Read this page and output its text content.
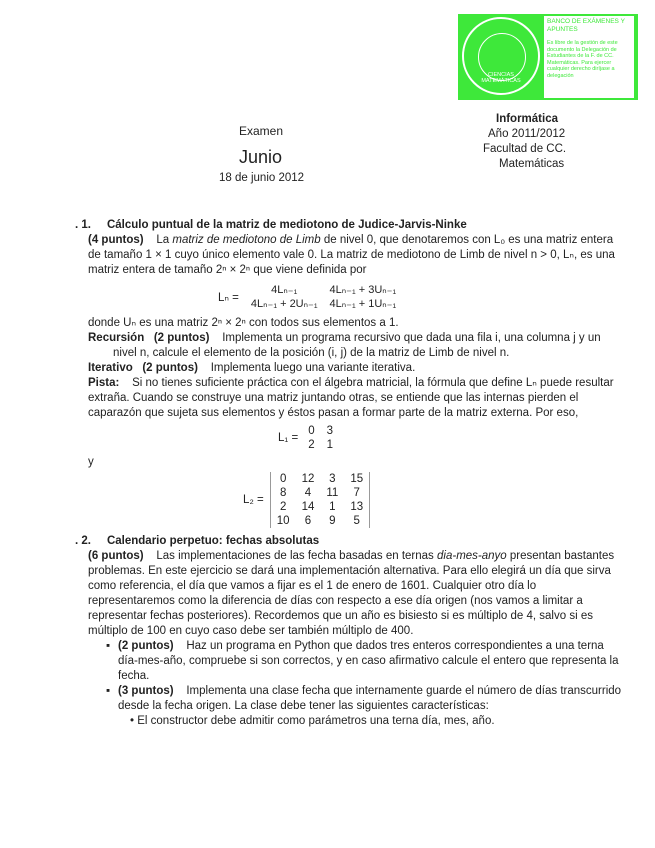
CIENCIAS
MATEMÁTICAS
BANCO DE EXÁMENES Y APUNTES
Es libre de la gestión de este documento la Delegación de Estudiantes de la F. de CC. Matemáticas. Para ejercer cualquier derecho diríjase a delegación
Informática
Año 2011/2012
Facultad de CC.
Matemáticas
Examen
Junio
18 de junio 2012
. 1. Cálculo puntual de la matriz de mediotono de Judice-Jarvis-Ninke
(4 puntos) La matriz de mediotono de Limb de nivel 0, que denotaremos con L₀ es una matriz entera de tamaño 1 × 1 cuyo único elemento vale 0. La matriz de mediotono de Limb de nivel n > 0, Lₙ, es una matriz entera de tamaño 2ⁿ × 2ⁿ que viene definida por
Lₙ =
4Lₙ₋₁	4Lₙ₋₁ + 3Uₙ₋₁
4Lₙ₋₁ + 2Uₙ₋₁	4Lₙ₋₁ + 1Uₙ₋₁
donde Uₙ es una matriz 2ⁿ × 2ⁿ con todos sus elementos a 1.
Recursión (2 puntos) Implementa un programa recursivo que dada una fila i, una columna j y un nivel n, calcule el elemento de la posición (i, j) de la matriz de Limb de nivel n.
Iterativo (2 puntos) Implementa luego una variante iterativa.
Pista: Si no tienes suficiente práctica con el álgebra matricial, la fórmula que define Lₙ puede resultar extraña. Cuando se construye una matriz juntando otras, se entiende que las internas pierden el caparazón que sujeta sus elementos y éstos pasan a formar parte de la matriz externa. Por eso,
L₁ =
0	3
2	1
y
L₂ =
0	12	3	15
8	4	11	7
2	14	1	13
10	6	9	5
. 2. Calendario perpetuo: fechas absolutas
(6 puntos) Las implementaciones de las fecha basadas en ternas dia-mes-anyo presentan bastantes problemas. En este ejercicio se dará una implementación alternativa. Para ello elegirá un día que sirva como referencia, el día que vamos a fijar es el 1 de enero de 1601. Cualquier otro día lo representaremos como la diferencia de días con respecto a ese día origen (nos vamos a limitar a representar fechas posteriores). Recordemos que un año es bisiesto si es múltiplo de 4, salvo si es múltiplo de 100 en cuyo caso debe ser también múltiplo de 400.
▪ (2 puntos) Haz un programa en Python que dados tres enteros correspondientes a una terna día-mes-año, compruebe si son correctos, y en caso afirmativo calcule el entero que representa la fecha.
▪ (3 puntos) Implementa una clase fecha que internamente guarde el número de días transcurrido desde la fecha origen. La clase debe tener las siguientes características:
• El constructor debe admitir como parámetros una terna día, mes, año.
